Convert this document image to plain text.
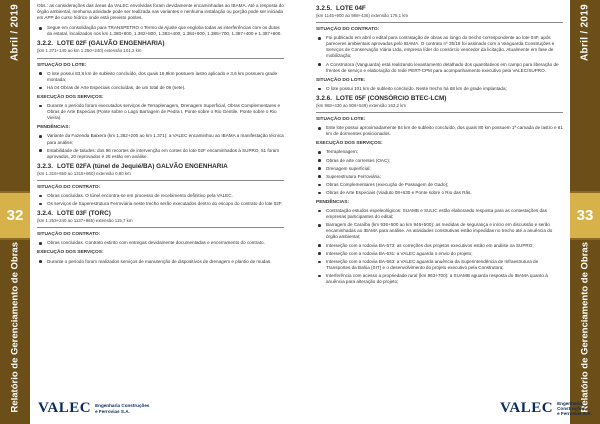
Abril / 2019
32
Relatório de Gerenciamento de Obras
Abril / 2019
33
Relatório de Gerenciamento de Obras

Obs.: as considerações das áreas da VALEC envolvidas foram devidamente encaminhadas ao IBAMA. Até a resposta do órgão ambiental, nenhuma atividade pode ser realizada nas variantes e nenhuma instalação ou porção pode ser iniciada em APP de curso hídrico onde está previsto pontes.

Segue em consolidação para TRANSPETRO o Termo de Ajuste que engloba todas as interferências com os dutos da estatal, localizados nos km 1.380+800, 1.382+800, 1.383+400, 1.384+900, 1.385+700, 1.387+400 e 1.387+800.
3.2.2. LOTE 02F (GALVÃO ENGENHARIA)
(km 1.371+140 ao km 1.250+240) extensão 101,2 km
SITUAÇÃO DO LOTE:
O lote possui 83,8 km de subleito concluído, dos quais 16,9km possuem lastro aplicado e 3,6 km possuem grade montada;
Há 04 Obras de Arte Especiais concluídas, de um total de 09 (sete).
EXECUÇÃO DOS SERVIÇOS:
Durante o período foram executados serviços de Terraplenagem, Drenagem Superficial, Obras Complementares e Obras de Arte Especias (Ponte sobre o Lago Barragem de Pedra I, Ponte sobre o Rio Gentile, Ponte sobre o Rio Vieira).
PENDÊNCIAS:
Variante da Fazenda Baixera (km 1.362+200 ao km 1.371): a VALEC encaminhou ao IBAMA a manifestação técnica para análise;
Estabilidade de taludes: dos 96 recortes de intervenção em cortes do lote 02F encaminhados à SUPRO, 51 foram aprovados, 20 reprovados e 25 estão em análise.
3.2.3. LOTE 02FA (túnel de Jequié/BA) GALVÃO ENGENHARIA
(km 1.316+650 ao 1315+860) extensão 0,80 km
SITUAÇÃO DO CONTRATO:
Obras concluídas. O túnel encontra-se em processo de recebimento definitivo pela VALEC.
Os serviços de Superestrutura Ferroviária neste trecho serão executados dentro do escopo do contrato do lote 02F.
3.2.4. LOTE 03F (TORC)
(km 1.253+240 ao 1137+865) extensão 115,7 km
SITUAÇÃO DO CONTRATO:
Obras concluídas. Contrato extinto com entregas devidamente documentadas e encerramento do contrato.
EXECUÇÃO DOS SERVIÇOS:
Durante o período foram realizados serviços de manutenção de dispositivos de drenagem e plantio de mudas.
3.2.5. LOTE 04F
(km 1145+900 ao 968+436) extensão 178,1 km
SITUAÇÃO DO CONTRATO:
Foi publicado em abril o edital para contratação de obras ao longo do trecho correspondente ao lote 04F, após pareceres ambientais aprovados pelo IBAMA. O contrato nº 35/18 foi assinado com a Vanguarda Construções e Serviços de Conservação Viária Ltda, empresa líder do consórcio vencedor da licitação. Atualmente em fase de mobilização;
A Construtora (Vanguarda) está realizando levantamento detalhado dos quantitativos em campo para liberação de frentes de serviço e elaboração do rede PERT-CPM para acompanhamento executivo pela VALEC/SUPRO.
SITUAÇÃO DO LOTE:
O lote possui 101 km de subleito concluído. Neste trecho há 68 km de grade implantada;
3.2.6. LOTE 05F (CONSÓRCIO BTEC-LCM)
(km 968+430 ao 806+549) extensão 163,2 km
SITUAÇÃO DO LOTE:
Este lote possui aproximadamente 84 km de subleito concluído, dos quais 80 km possuem 1ª camada de lastro e 61 km de dormentes posicionados.
EXECUÇÃO DOS SERVIÇOS:
Terraplenagem;
Obras de arte correntes (OAC);
Drenagem superficial;
Superestrutura Ferroviária;
Obras Complementares (execução de Passagem de Gado);
Obras de Arte Especiais (Viaduto 08+630 e Ponte sobre o Rio das Rãs.
PENDÊNCIAS:
Contratação estudos espeleológicos: SUAMB e SULIC estão elaborando resposta para as contestações das empresas participantes do edital;
Barragem de Caraíba (km 936+500 ao km 946+500): as medidas de segurança e início em discussão e serão encaminhadas ao IBAMA para análise. As atividades construtivas estão impedidas no trecho até a anuência do órgão ambiental;
Interseção com a rodovia BA-573: as correções dos projetos executivos estão em análise na SUPRO;
Interseção com a rodovia BA-631: a VALEC aguarda o envio do projeto;
Interseção com a rodovia BA-663: a VALEC aguarda anuência da Superintendência de Infraestrutura de Transportes da Bahia (SIT) e o desenvolvimento do projeto executivo pela Construtora;
Interferência com acesso a propriedade rural (km 963+700): a SUAMB aguarda resposta do IBAMA quanto à anuência para alteração do projeto;
VALEC Engenharia Construções
e Ferrovias S.A.	VALEC Engenharia Construções
e Ferrovias S.A.
